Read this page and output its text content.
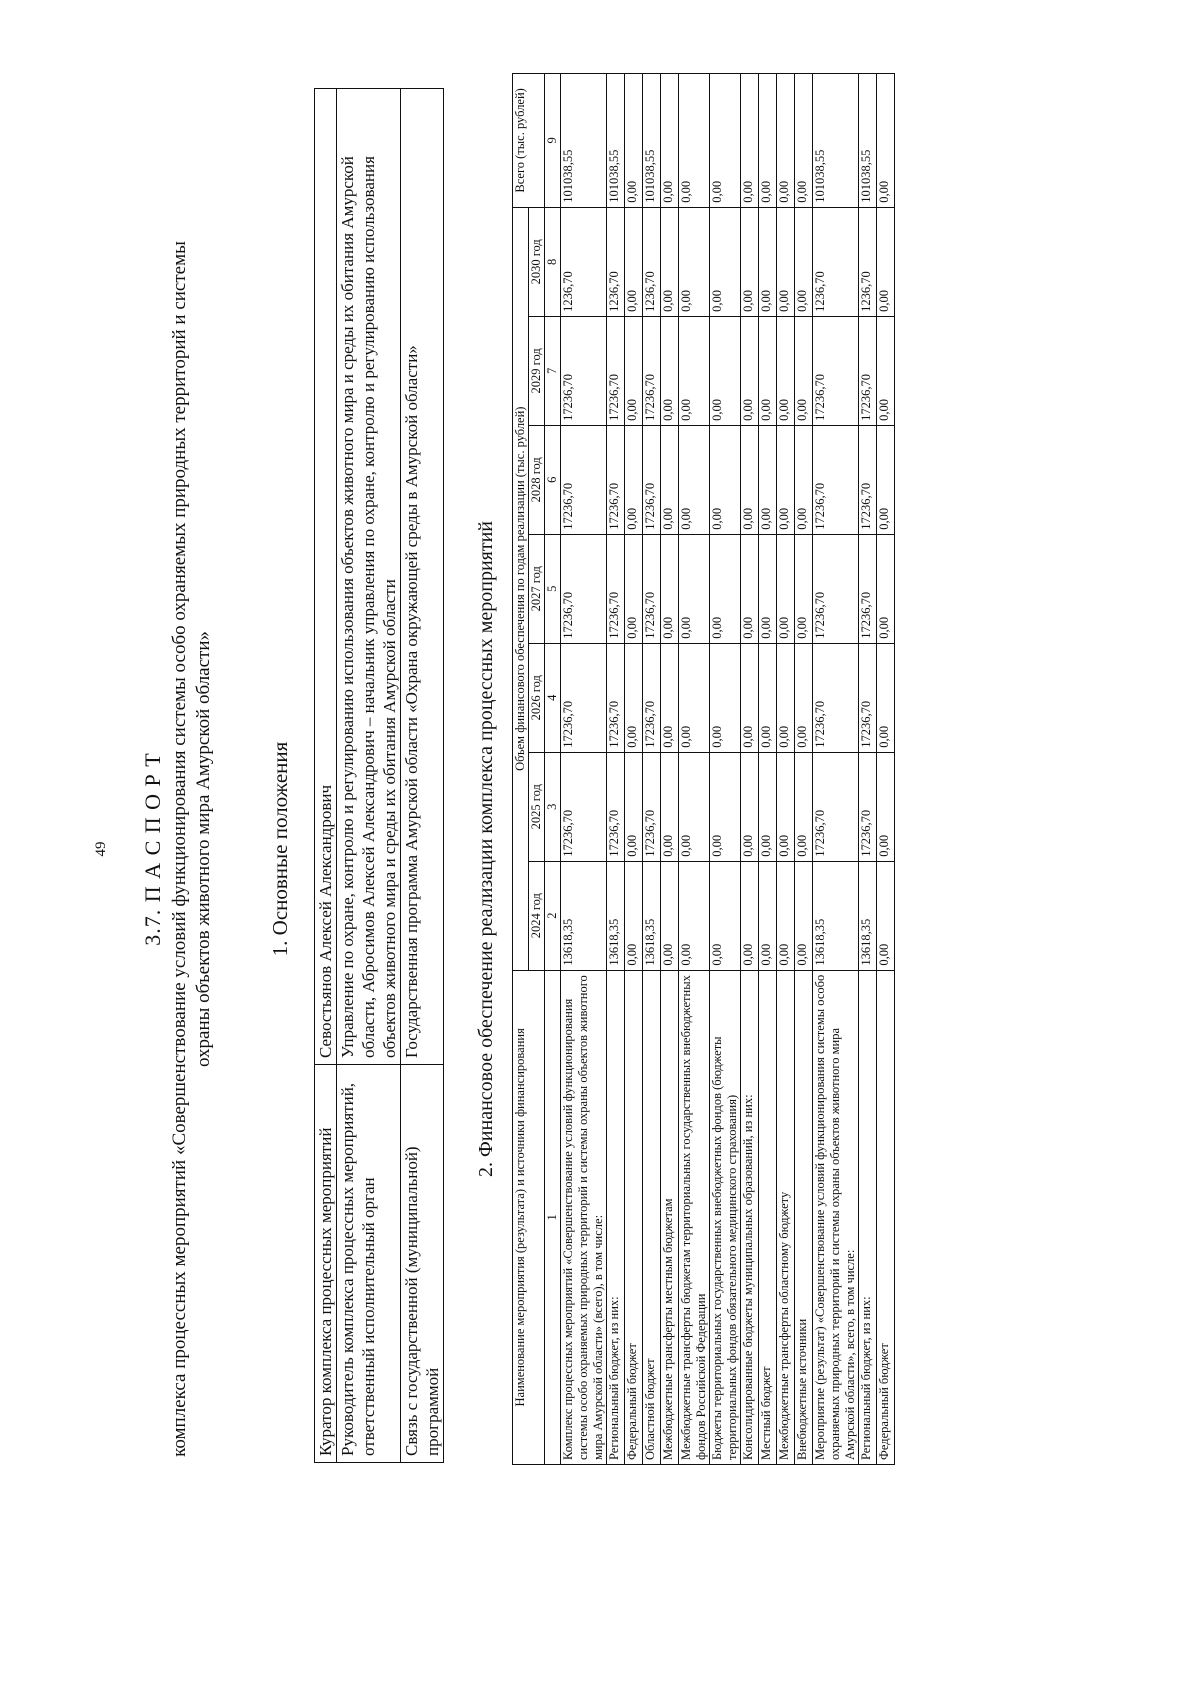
49 3.7. П А С П О Р Т комплекса процессных мероприятий «Совершенствование условий функционирования системы особо охраняемых природных территорий и системы охраны объектов животного мира Амурской области»	1. Основные положения
Куратор комплекса процессных мероприятий	Севостьянов Алексей Александрович
Руководитель комплекса процессных мероприятий, ответственный исполнительный орган	Управление по охране, контролю и регулированию использования объектов животного мира и среды их обитания Амурской области, Абросимов Алексей Александрович – начальник управления по охране, контролю и регулированию использования объектов животного мира и среды их обитания Амурской области
Связь с государственной (муниципальной) программой	Государственная программа Амурской области «Охрана окружающей среды в Амурской области»	2. Финансовое обеспечение реализации комплекса процессных мероприятий
Наименование мероприятия (результата) и источники финансирования	Объем финансового обеспечения по годам реализации (тыс. рублей)							Всего (тыс. рублей)
	2024 год	2025 год	2026 год	2027 год	2028 год	2029 год	2030 год	
1	2	3	4	5	6	7	8	9
Комплекс процессных мероприятий «Совершенствование условий функционирования системы особо охраняемых природных территорий и системы охраны объектов животного мира Амурской области» (всего), в том числе:	13618,35	17236,70	17236,70	17236,70	17236,70	17236,70	1236,70	101038,55
Региональный бюджет, из них:	13618,35	17236,70	17236,70	17236,70	17236,70	17236,70	1236,70	101038,55
Федеральный бюджет	0,00	0,00	0,00	0,00	0,00	0,00	0,00	0,00
Областной бюджет	13618,35	17236,70	17236,70	17236,70	17236,70	17236,70	1236,70	101038,55
Межбюджетные трансферты местным бюджетам	0,00	0,00	0,00	0,00	0,00	0,00	0,00	0,00
Межбюджетные трансферты бюджетам территориальных государственных внебюджетных фондов Российской Федерации	0,00	0,00	0,00	0,00	0,00	0,00	0,00	0,00
Бюджеты территориальных государственных внебюджетных фондов (бюджеты территориальных фондов обязательного медицинского страхования)	0,00	0,00	0,00	0,00	0,00	0,00	0,00	0,00
Консолидированные бюджеты муниципальных образований, из них:	0,00	0,00	0,00	0,00	0,00	0,00	0,00	0,00
Местный бюджет	0,00	0,00	0,00	0,00	0,00	0,00	0,00	0,00
Межбюджетные трансферты областному бюджету	0,00	0,00	0,00	0,00	0,00	0,00	0,00	0,00
Внебюджетные источники	0,00	0,00	0,00	0,00	0,00	0,00	0,00	0,00
Мероприятие (результат) «Совершенствование условий функционирования системы особо охраняемых природных территорий и системы охраны объектов животного мира Амурской области», всего, в том числе:	13618,35	17236,70	17236,70	17236,70	17236,70	17236,70	1236,70	101038,55
Региональный бюджет, из них:	13618,35	17236,70	17236,70	17236,70	17236,70	17236,70	1236,70	101038,55
Федеральный бюджет	0,00	0,00	0,00	0,00	0,00	0,00	0,00	0,00
